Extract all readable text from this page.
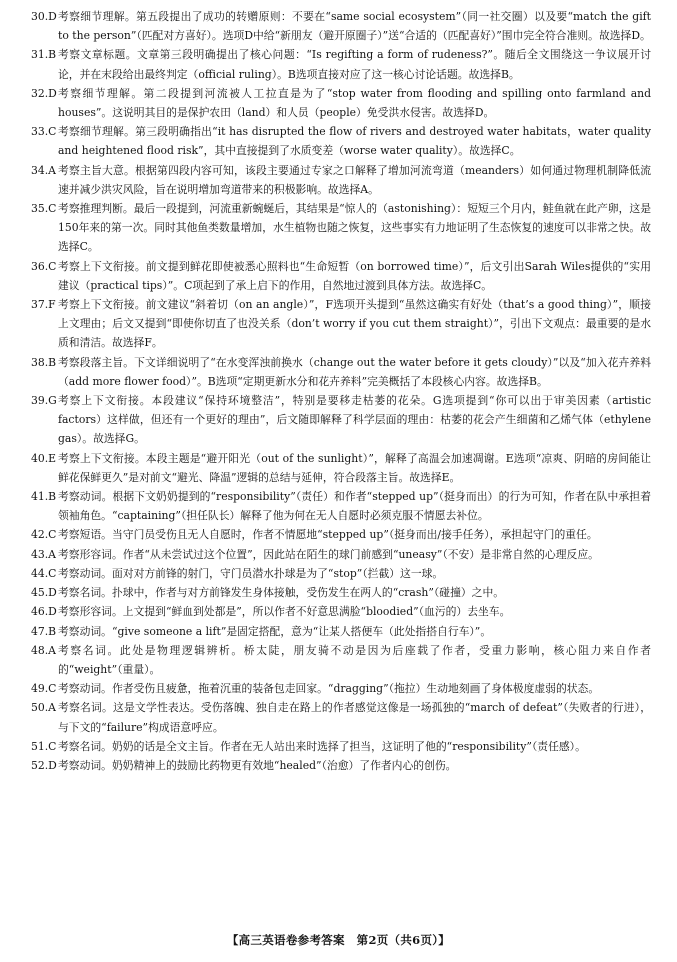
30.D 考察细节理解。第五段提出了成功的转赠原则：不要在“same social ecosystem”（同一社交圈）以及要“match the gift to the person”（匹配对方喜好）。选项D中给“新朋友（避开原圈子）”送“合适的（匹配喜好）”围巾完全符合准则。故选择D。
31.B 考察文章标题。文章第三段明确提出了核心问题：“Is regifting a form of rudeness?”。随后全文围绕这一争议展开讨论，并在末段给出最终判定（official ruling）。B选项直接对应了这一核心讨论话题。故选择B。
32.D 考察细节理解。第二段提到河流被人工拉直是为了“stop water from flooding and spilling onto farmland and houses”。这说明其目的是保护农田（land）和人员（people）免受洪水侵害。故选择D。
33.C 考察细节理解。第三段明确指出“it has disrupted the flow of rivers and destroyed water habitats，water quality and heightened flood risk”，其中直接提到了水质变差（worse water quality）。故选择C。
34.A 考察主旨大意。根据第四段内容可知，该段主要通过专家之口解释了增加河流弯道（meanders）如何通过物理机制降低流速并减少洪灾风险，旨在说明增加弯道带来的积极影响。故选择A。
35.C 考察推理判断。最后一段提到，河流重新蜿蜒后，其结果是“惊人的（astonishing）：短短三个月内，鲑鱼就在此产卵，这是150年来的第一次。同时其他鱼类数量增加，水生植物也随之恢复，这些事实有力地证明了生态恢复的速度可以非常之快。故选择C。
36.C 考察上下文衔接。前文提到鲜花即使被悉心照料也“生命短暂（on borrowed time）”，后文引出Sarah Wiles提供的“实用建议（practical tips）”。C项起到了承上启下的作用，自然地过渡到具体方法。故选择C。
37.F 考察上下文衔接。前文建议“斜着切（on an angle）”，F选项开头提到“虽然这确实有好处（that’s a good thing）”，顺接上文理由；后文又提到“即使你切直了也没关系（don’t worry if you cut them straight）”，引出下文观点：最重要的是水质和清洁。故选择F。
38.B 考察段落主旨。下文详细说明了“在水变浑浊前换水（change out the water before it gets cloudy）”以及“加入花卉养料（add more flower food）”。B选项“定期更新水分和花卉养料”完美概括了本段核心内容。故选择B。
39.G 考察上下文衔接。本段建议“保持环境整洁”，特别是要移走枯萎的花朵。G选项提到“你可以出于审美因素（artistic factors）这样做，但还有一个更好的理由”，后文随即解释了科学层面的理由：枯萎的花会产生细菌和乙烯气体（ethylene gas）。故选择G。
40.E 考察上下文衔接。本段主题是“避开阳光（out of the sunlight）”，解释了高温会加速凋谢。E选项“凉爽、阴暗的房间能让鲜花保鲜更久”是对前文“避光、降温”逻辑的总结与延伸，符合段落主旨。故选择E。
41.B 考察动词。根据下文奶奶提到的“responsibility”（责任）和作者“stepped up”（挺身而出）的行为可知，作者在队中承担着领袖角色。“captaining”（担任队长）解释了他为何在无人自愿时必须克服不情愿去补位。
42.C 考察短语。当守门员受伤且无人自愿时，作者不情愿地“stepped up”（挺身而出/接手任务），承担起守门的重任。
43.A 考察形容词。作者“从未尝试过这个位置”，因此站在陌生的球门前感到“uneasy”（不安）是非常自然的心理反应。
44.C 考察动词。面对对方前锋的射门，守门员潜水扑球是为了“stop”（拦截）这一球。
45.D 考察名词。扑球中，作者与对方前锋发生身体接触，受伤发生在两人的“crash”（碰撞）之中。
46.D 考察形容词。上文提到“鲜血到处都是”，所以作者不好意思满脸“bloodied”（血污的）去坐车。
47.B 考察动词。“give someone a lift”是固定搭配，意为“让某人搭便车（此处指搭自行车）”。
48.A 考察名词。此处是物理逻辑辨析。桥太陡，朋友骑不动是因为后座载了作者，受重力影响，核心阻力来自作者的“weight”（重量）。
49.C 考察动词。作者受伤且疲惫，拖着沉重的装备包走回家。“dragging”（拖拉）生动地刻画了身体极度虚弱的状态。
50.A 考察名词。这是文学性表达。受伤落魄、独自走在路上的作者感觉这像是一场孤独的“march of defeat”（失败者的行进），与下文的“failure”构成语意呼应。
51.C 考察名词。奶奶的话是全文主旨。作者在无人站出来时选择了担当，这证明了他的“responsibility”（责任感）。
52.D 考察动词。奶奶精神上的鼓励比药物更有效地“healed”（治愈）了作者内心的创伤。
【高三英语卷参考答案　第2页（共6页）】
